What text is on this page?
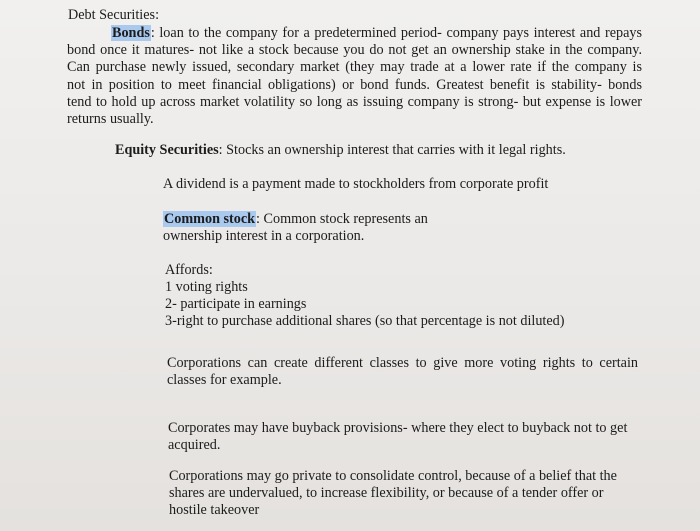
Debt Securities:
Bonds: loan to the company for a predetermined period- company pays interest and repays
bond once it matures- not like a stock because you do not get an ownership stake in the company.
Can purchase newly issued, secondary market (they may trade at a lower rate if the company is
not in position to meet financial obligations) or bond funds. Greatest benefit is stability- bonds
tend to hold up across market volatility so long as issuing company is strong- but expense is lower
returns usually.
Equity Securities: Stocks an ownership interest that carries with it legal rights.
A dividend is a payment made to stockholders from corporate profit
Common stock: Common stock represents an
ownership interest in a corporation.
Affords:
1 voting rights
2- participate in earnings
3-right to purchase additional shares (so that percentage is not diluted)
Corporations can create different classes to give more voting rights to certain
classes for example.
Corporates may have buyback provisions- where they elect to buyback not to get
acquired.
Corporations may go private to consolidate control, because of a belief that the
shares are undervalued, to increase flexibility, or because of a tender offer or
hostile takeover
